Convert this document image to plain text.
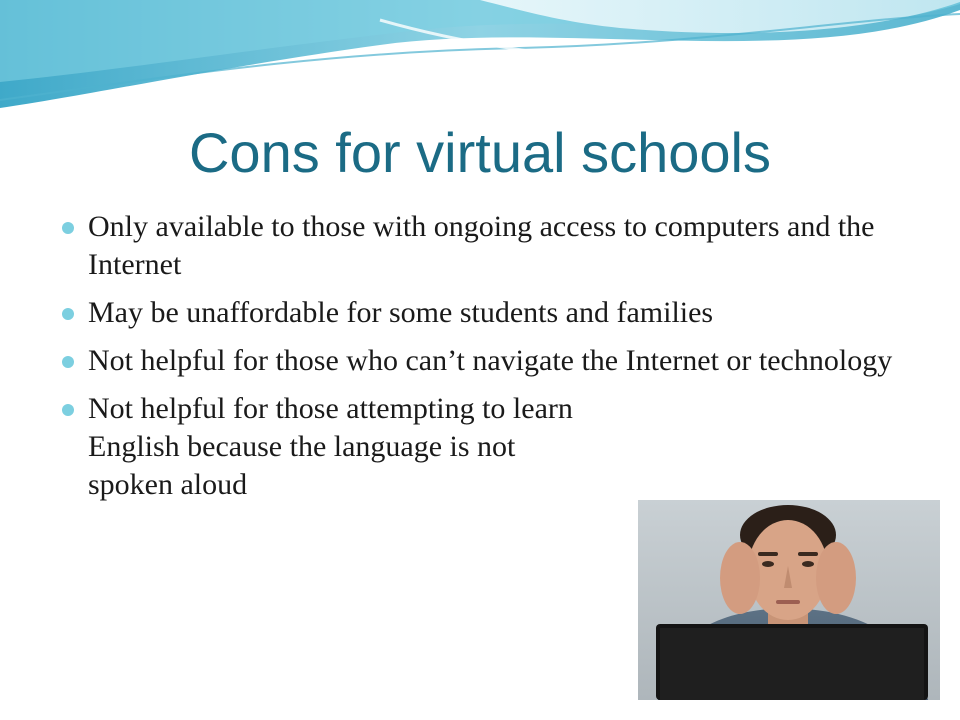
Cons for virtual schools
Only available to those with ongoing access to computers and the Internet
May be unaffordable for some students and families
Not helpful for those who can’t navigate the Internet or technology
Not helpful for those attempting to learn English because the language is not spoken aloud
